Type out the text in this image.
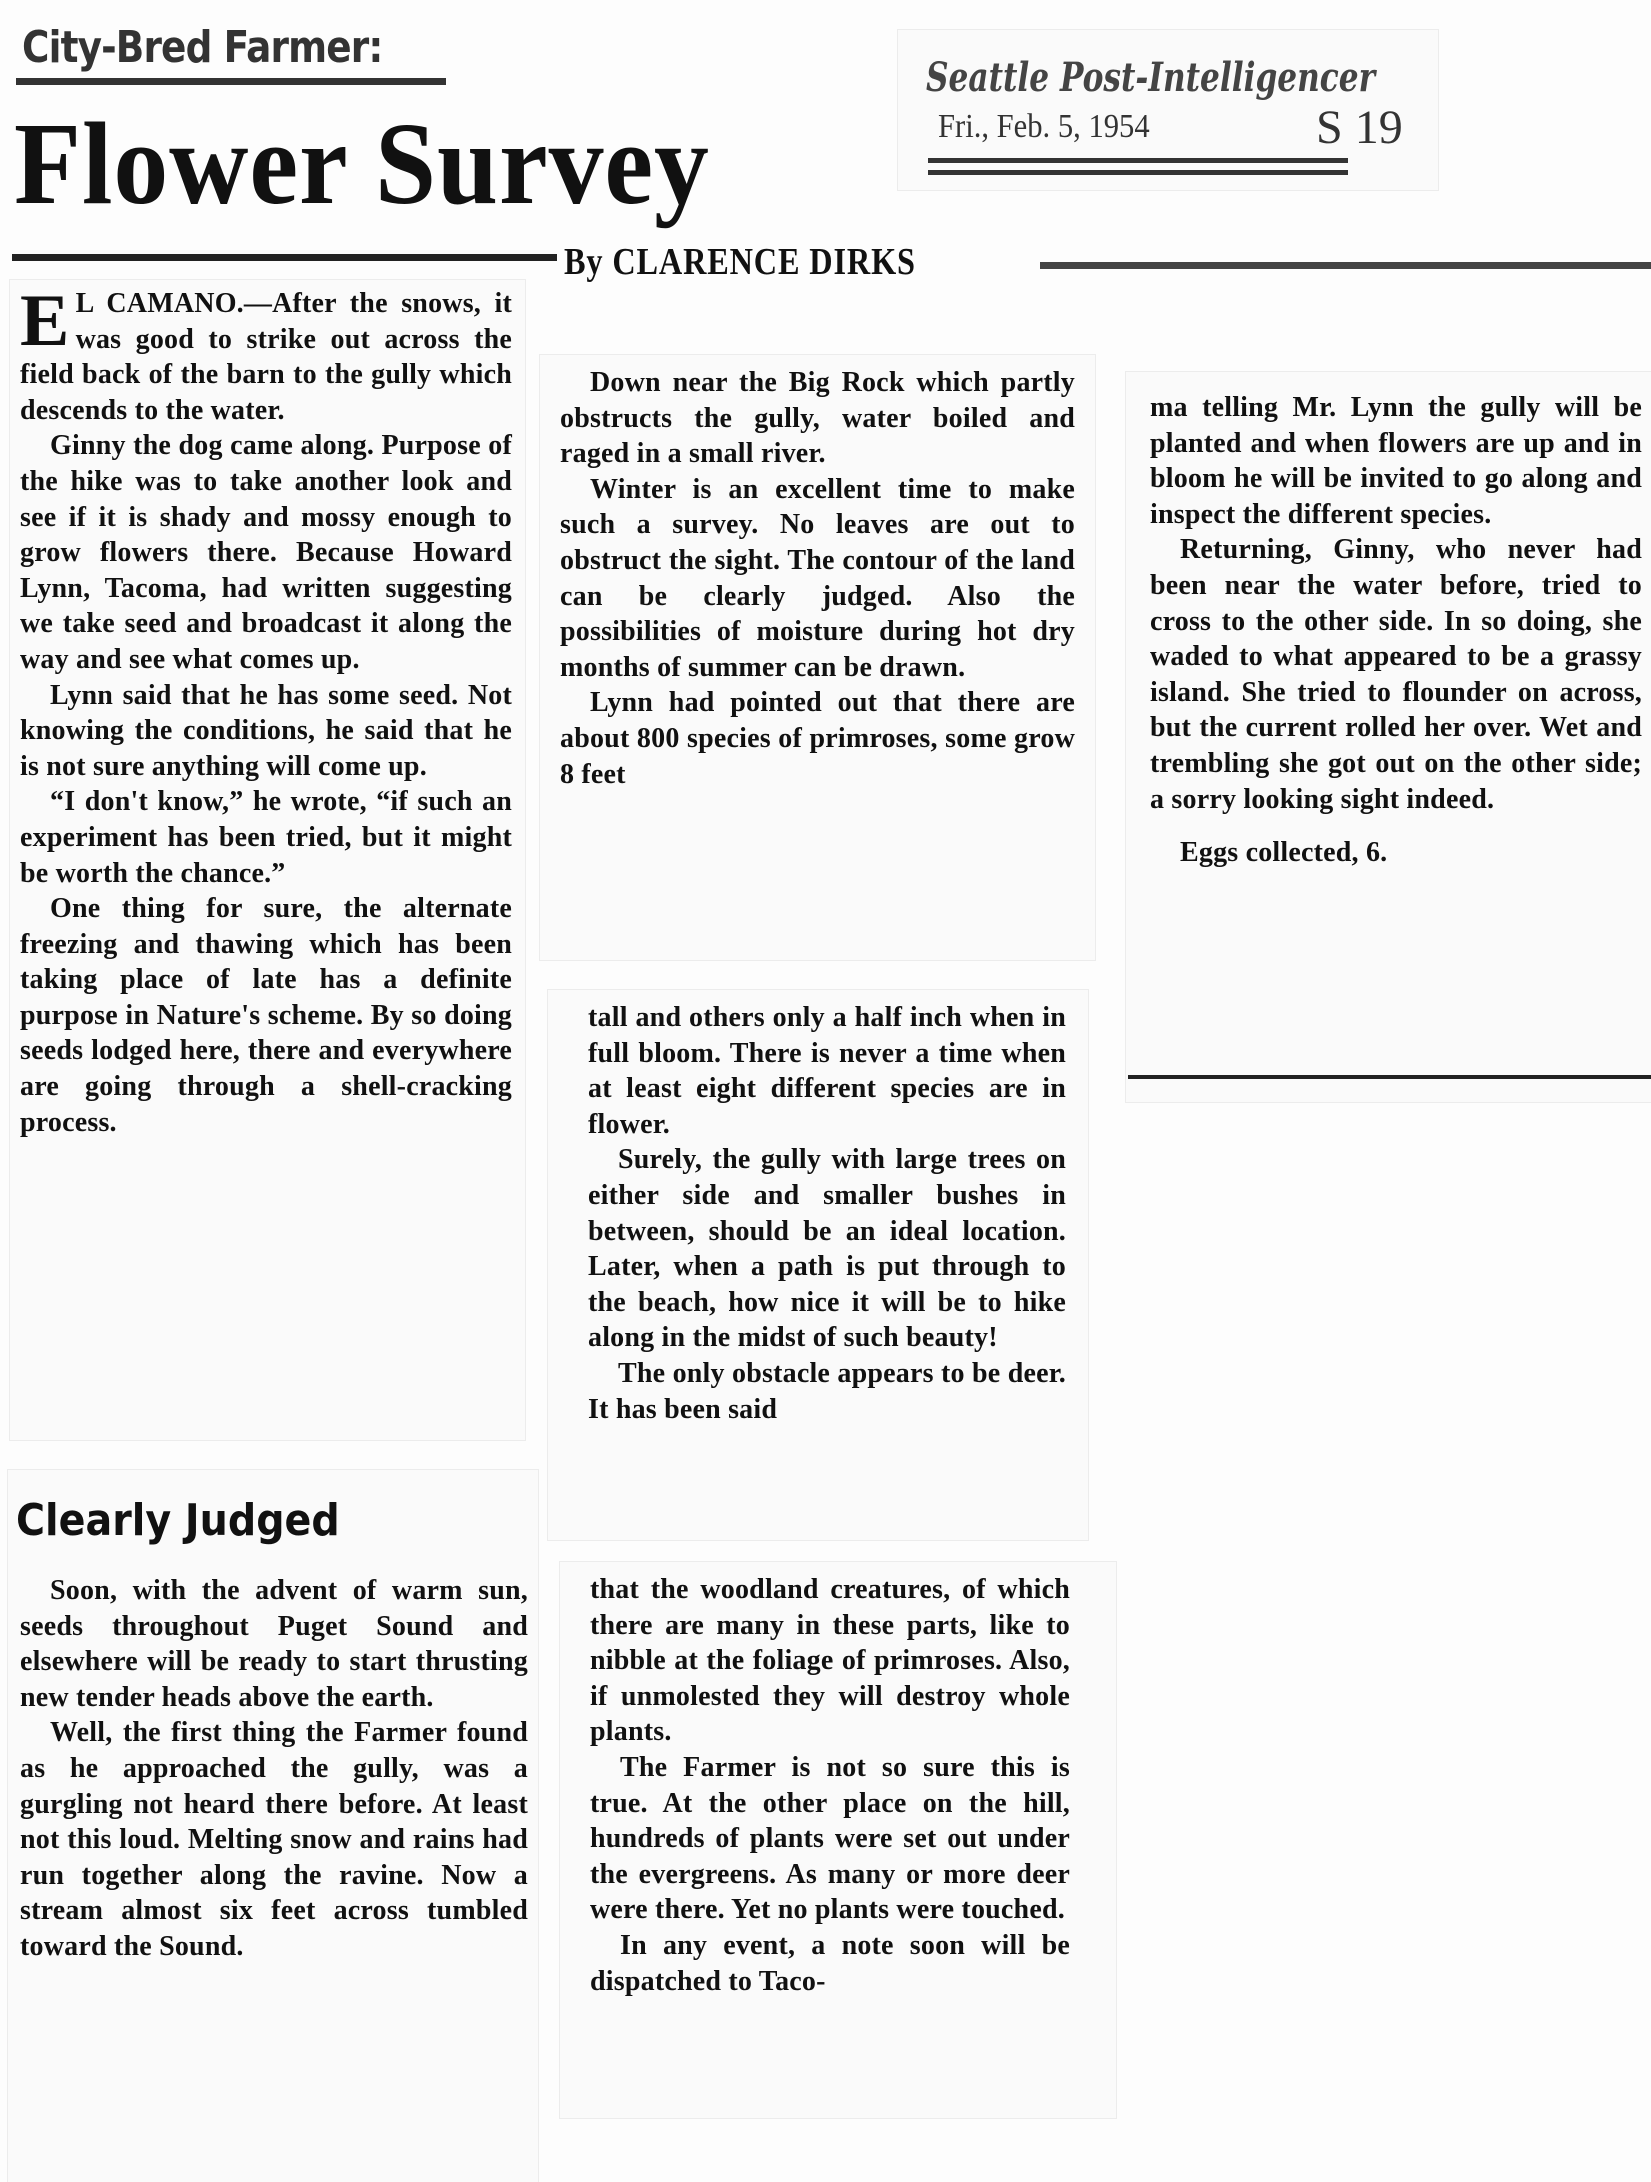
City-Bred Farmer:
Flower Survey
By CLARENCE DIRKS
Seattle Post-Intelligencer
Fri., Feb. 5, 1954	S 19

E L CAMANO.—After the snows, it was good to strike out across the field back of the barn to the gully which descends to the water.

Ginny the dog came along. Purpose of the hike was to take another look and see if it is shady and mossy enough to grow flowers there. Because Howard Lynn, Tacoma, had written suggesting we take seed and broadcast it along the way and see what comes up.

Lynn said that he has some seed. Not knowing the conditions, he said that he is not sure anything will come up.

“I don't know,” he wrote, “if such an experiment has been tried, but it might be worth the chance.”

One thing for sure, the alternate freezing and thawing which has been taking place of late has a definite purpose in Nature's scheme. By so doing seeds lodged here, there and everywhere are going through a shell-cracking process.

Clearly Judged

Soon, with the advent of warm sun, seeds throughout Puget Sound and elsewhere will be ready to start thrusting new tender heads above the earth.

Well, the first thing the Farmer found as he approached the gully, was a gurgling not heard there before. At least not this loud. Melting snow and rains had run together along the ravine. Now a stream almost six feet across tumbled toward the Sound.

Down near the Big Rock which partly obstructs the gully, water boiled and raged in a small river.

Winter is an excellent time to make such a survey. No leaves are out to obstruct the sight. The contour of the land can be clearly judged. Also the possibilities of moisture during hot dry months of summer can be drawn.

Lynn had pointed out that there are about 800 species of primroses, some grow 8 feet

tall and others only a half inch when in full bloom. There is never a time when at least eight different species are in flower.

Surely, the gully with large trees on either side and smaller bushes in between, should be an ideal location. Later, when a path is put through to the beach, how nice it will be to hike along in the midst of such beauty!

The only obstacle appears to be deer. It has been said

that the woodland creatures, of which there are many in these parts, like to nibble at the foliage of primroses. Also, if unmolested they will destroy whole plants.

The Farmer is not so sure this is true. At the other place on the hill, hundreds of plants were set out under the evergreens. As many or more deer were there. Yet no plants were touched.

In any event, a note soon will be dispatched to Taco-

ma telling Mr. Lynn the gully will be planted and when flowers are up and in bloom he will be invited to go along and inspect the different species.

Returning, Ginny, who never had been near the water before, tried to cross to the other side. In so doing, she waded to what appeared to be a grassy island. She tried to flounder on across, but the current rolled her over. Wet and trembling she got out on the other side; a sorry looking sight indeed.

Eggs collected, 6.
